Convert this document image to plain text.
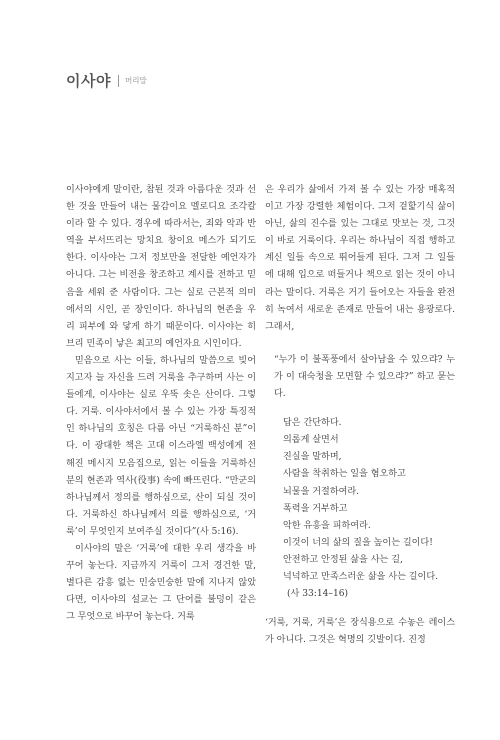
이사야 머리말

이사야에게 말이란, 참된 것과 아름다운 것과 선한 것을 만들어 내는 물감이요 멜로디요 조각칼이라 할 수 있다. 경우에 따라서는, 죄와 악과 반역을 부서뜨리는 망치요 창이요 메스가 되기도 한다. 이사야는 그저 정보만을 전달한 예언자가 아니다. 그는 비전을 창조하고 계시를 전하고 믿음을 세워 준 사람이다. 그는 실로 근본적 의미에서의 시인, 곧 장인이다. 하나님의 현존을 우리 피부에 와 닿게 하기 때문이다. 이사야는 히브리 민족이 낳은 최고의 예언자요 시인이다.

믿음으로 사는 이들, 하나님의 말씀으로 빚어지고자 늘 자신을 드려 거룩을 추구하며 사는 이들에게, 이사야는 실로 우뚝 솟은 산이다. 그렇다. 거룩. 이사야서에서 볼 수 있는 가장 특징적인 하나님의 호칭은 다름 아닌 “거룩하신 분”이다. 이 광대한 책은 고대 이스라엘 백성에게 전해진 메시지 모음집으로, 읽는 이들을 거룩하신 분의 현존과 역사(役事) 속에 빠뜨린다. “만군의 하나님께서 정의를 행하심으로, 산이 되실 것이다. 거룩하신 하나님께서 의를 행하심으로, ‘거룩’이 무엇인지 보여주실 것이다”(사 5:16).

이사야의 말은 ‘거룩’에 대한 우리 생각을 바꾸어 놓는다. 지금까지 거룩이 그저 경건한 말, 별다른 감흥 없는 민숭민숭한 말에 지나지 않았다면, 이사야의 설교는 그 단어를 불덩이 같은 그 무엇으로 바꾸어 놓는다. 거룩

은 우리가 삶에서 가져 볼 수 있는 가장 매혹적이고 가장 강렬한 체험이다. 그저 겉핥기식 삶이 아닌, 삶의 진수를 있는 그대로 맛보는 것, 그것이 바로 거룩이다. 우리는 하나님이 직접 행하고 계신 일들 속으로 뛰어들게 된다. 그저 그 일들에 대해 입으로 떠들거나 책으로 읽는 것이 아니라는 말이다. 거룩은 거기 들어오는 자들을 완전히 녹여서 새로운 존재로 만들어 내는 용광로다. 그래서,

“누가 이 불폭풍에서 살아남을 수 있으랴? 누가 이 대숙청을 모면할 수 있으랴?” 하고 묻는다.

답은 간단하다.
의롭게 살면서
진실을 말하며,
사람을 착취하는 일을 혐오하고
뇌물을 거절하여라.
폭력을 거부하고
악한 유흥을 피하여라.
이것이 너의 삶의 질을 높이는 길이다!
안전하고 안정된 삶을 사는 길,
넉넉하고 만족스러운 삶을 사는 길이다.
(사 33:14–16)

‘거룩, 거룩, 거룩’은 장식용으로 수놓은 레이스가 아니다. 그것은 혁명의 깃발이다. 진정
